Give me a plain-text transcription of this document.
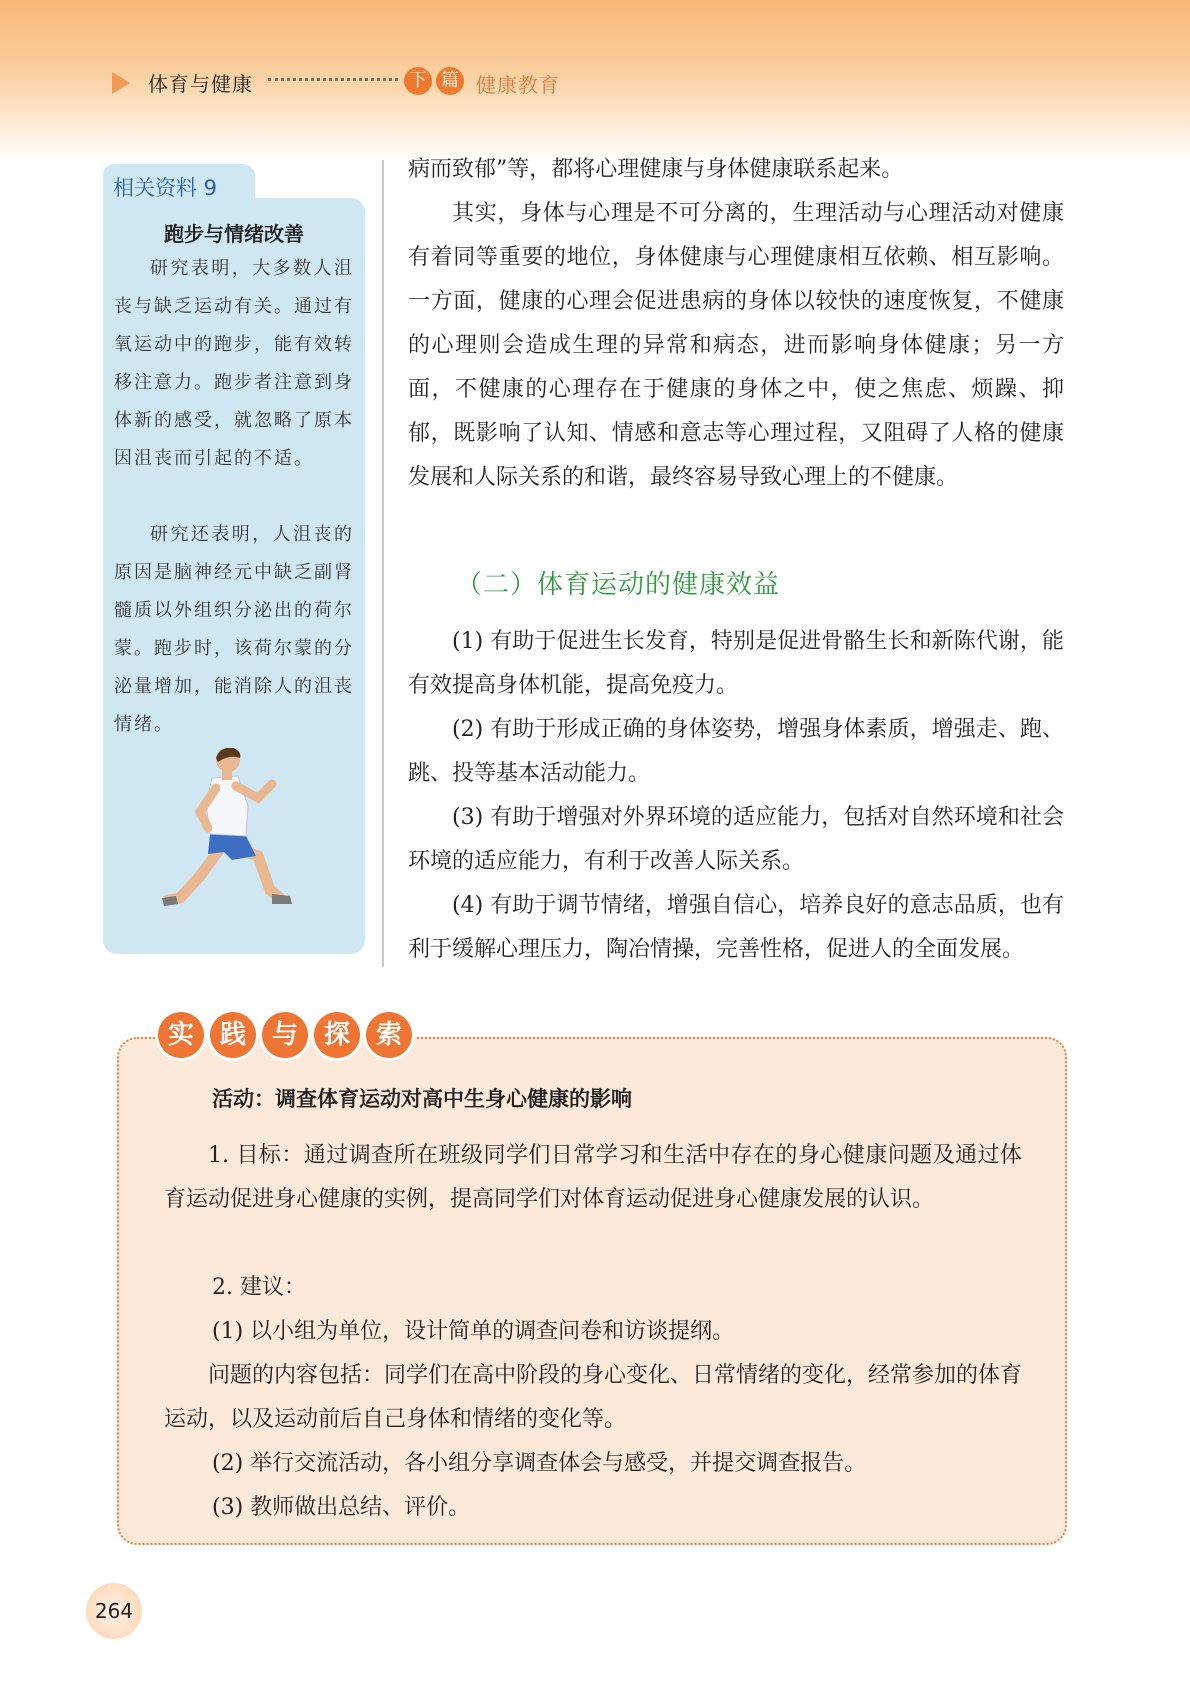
体育与健康	下 篇 健康教育
相关资料 9
跑步与情绪改善

研究表明，大多数人沮丧与缺乏运动有关。通过有氧运动中的跑步，能有效转移注意力。跑步者注意到身体新的感受，就忽略了原本因沮丧而引起的不适。

研究还表明，人沮丧的原因是脑神经元中缺乏副肾髓质以外组织分泌出的荷尔蒙。跑步时，该荷尔蒙的分泌量增加，能消除人的沮丧情绪。

病而致郁”等，都将心理健康与身体健康联系起来。

其实，身体与心理是不可分离的，生理活动与心理活动对健康有着同等重要的地位，身体健康与心理健康相互依赖、相互影响。一方面，健康的心理会促进患病的身体以较快的速度恢复，不健康的心理则会造成生理的异常和病态，进而影响身体健康；另一方面，不健康的心理存在于健康的身体之中，使之焦虑、烦躁、抑郁，既影响了认知、情感和意志等心理过程，又阻碍了人格的健康发展和人际关系的和谐，最终容易导致心理上的不健康。

（二）体育运动的健康效益

(1) 有助于促进生长发育，特别是促进骨骼生长和新陈代谢，能有效提高身体机能，提高免疫力。

(2) 有助于形成正确的身体姿势，增强身体素质，增强走、跑、跳、投等基本活动能力。

(3) 有助于增强对外界环境的适应能力，包括对自然环境和社会环境的适应能力，有利于改善人际关系。

(4) 有助于调节情绪，增强自信心，培养良好的意志品质，也有利于缓解心理压力，陶冶情操，完善性格，促进人的全面发展。

实 践 与 探 索
活动：调查体育运动对高中生身心健康的影响

1. 目标：通过调查所在班级同学们日常学习和生活中存在的身心健康问题及通过体育运动促进身心健康的实例，提高同学们对体育运动促进身心健康发展的认识。

2. 建议：

(1) 以小组为单位，设计简单的调查问卷和访谈提纲。

问题的内容包括：同学们在高中阶段的身心变化、日常情绪的变化，经常参加的体育运动，以及运动前后自己身体和情绪的变化等。

(2) 举行交流活动，各小组分享调查体会与感受，并提交调查报告。

(3) 教师做出总结、评价。

264
